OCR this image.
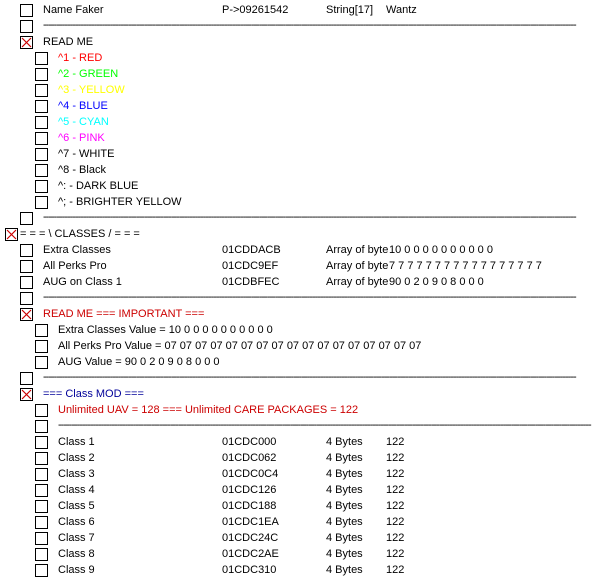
Name Faker	P->09261542	String[17] Wantz
--------------------------------------------------------------------------------------------------------------------------------------------------------------------------------------------------------
READ ME
^1 - RED
^2 - GREEN
^3 - YELLOW
^4 - BLUE
^5 - CYAN
^6 - PINK
^7 - WHITE
^8 - Black
^: - DARK BLUE
^; - BRIGHTER YELLOW
--------------------------------------------------------------------------------------------------------------------------------------------------------------------------------------------------------
= = = \ CLASSES / = = =
Extra Classes	01CDDACB	Array of byte 10 0 0 0 0 0 0 0 0 0 0
All Perks Pro	01CDC9EF	Array of byte 7 7 7 7 7 7 7 7 7 7 7 7 7 7 7 7 7
AUG on Class 1	01CDBFEC	Array of byte 90 0 2 0 9 0 8 0 0 0
--------------------------------------------------------------------------------------------------------------------------------------------------------------------------------------------------------
READ ME === IMPORTANT ===
Extra Classes Value = 10 0 0 0 0 0 0 0 0 0 0
All Perks Pro Value = 07 07 07 07 07 07 07 07 07 07 07 07 07 07 07 07 07
AUG Value = 90 0 2 0 9 0 8 0 0 0
--------------------------------------------------------------------------------------------------------------------------------------------------------------------------------------------------------
=== Class MOD ===
Unlimited UAV = 128 === Unlimited CARE PACKAGES = 122
--------------------------------------------------------------------------------------------------------------------------------------------------------------------------------------------------------
Class 1	01CDC000	4 Bytes 122
Class 2	01CDC062	4 Bytes 122
Class 3	01CDC0C4	4 Bytes 122
Class 4	01CDC126	4 Bytes 122
Class 5	01CDC188	4 Bytes 122
Class 6	01CDC1EA	4 Bytes 122
Class 7	01CDC24C	4 Bytes 122
Class 8	01CDC2AE	4 Bytes 122
Class 9	01CDC310	4 Bytes 122
